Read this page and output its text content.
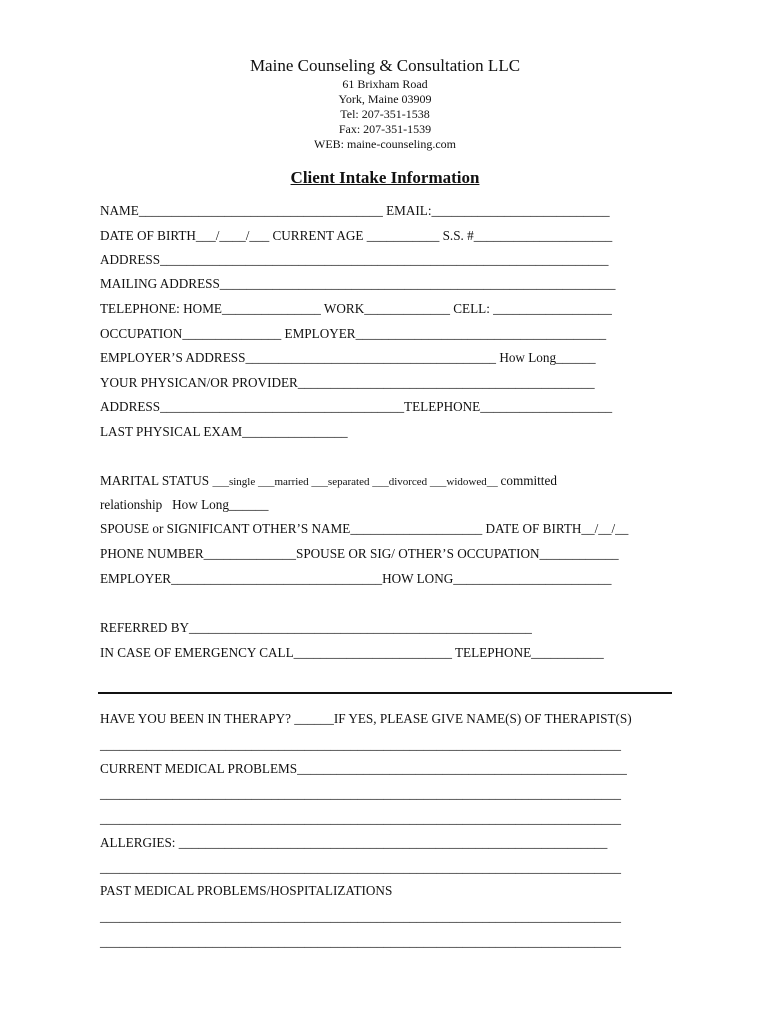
Maine Counseling & Consultation LLC
61 Brixham Road
York, Maine 03909
Tel: 207-351-1538
Fax: 207-351-1539
WEB: maine-counseling.com
Client Intake Information
NAME_____________________________________ EMAIL:___________________________
DATE OF BIRTH___/____/___ CURRENT AGE ___________ S.S. #_____________________
ADDRESS____________________________________________________________________
MAILING ADDRESS____________________________________________________________
TELEPHONE: HOME_______________ WORK_____________ CELL: __________________
OCCUPATION_______________ EMPLOYER______________________________________
EMPLOYER’S ADDRESS______________________________________ How Long______
YOUR PHYSICAN/OR PROVIDER_____________________________________________
ADDRESS_____________________________________TELEPHONE____________________
LAST PHYSICAL EXAM________________
MARITAL STATUS ___single ___married ___separated ___divorced ___widowed__ committed
relationship   How Long______
SPOUSE or SIGNIFICANT OTHER’S NAME____________________ DATE OF BIRTH__/__/__
PHONE NUMBER______________SPOUSE OR SIG/ OTHER’S OCCUPATION____________
EMPLOYER________________________________HOW LONG________________________
REFERRED BY____________________________________________________
IN CASE OF EMERGENCY CALL________________________ TELEPHONE___________
HAVE YOU BEEN IN THERAPY? ______IF YES, PLEASE GIVE NAME(S) OF THERAPIST(S)
_______________________________________________________________________________
CURRENT MEDICAL PROBLEMS__________________________________________________
_______________________________________________________________________________
_______________________________________________________________________________
ALLERGIES: _________________________________________________________________
_______________________________________________________________________________
PAST MEDICAL PROBLEMS/HOSPITALIZATIONS
_______________________________________________________________________________
_______________________________________________________________________________
